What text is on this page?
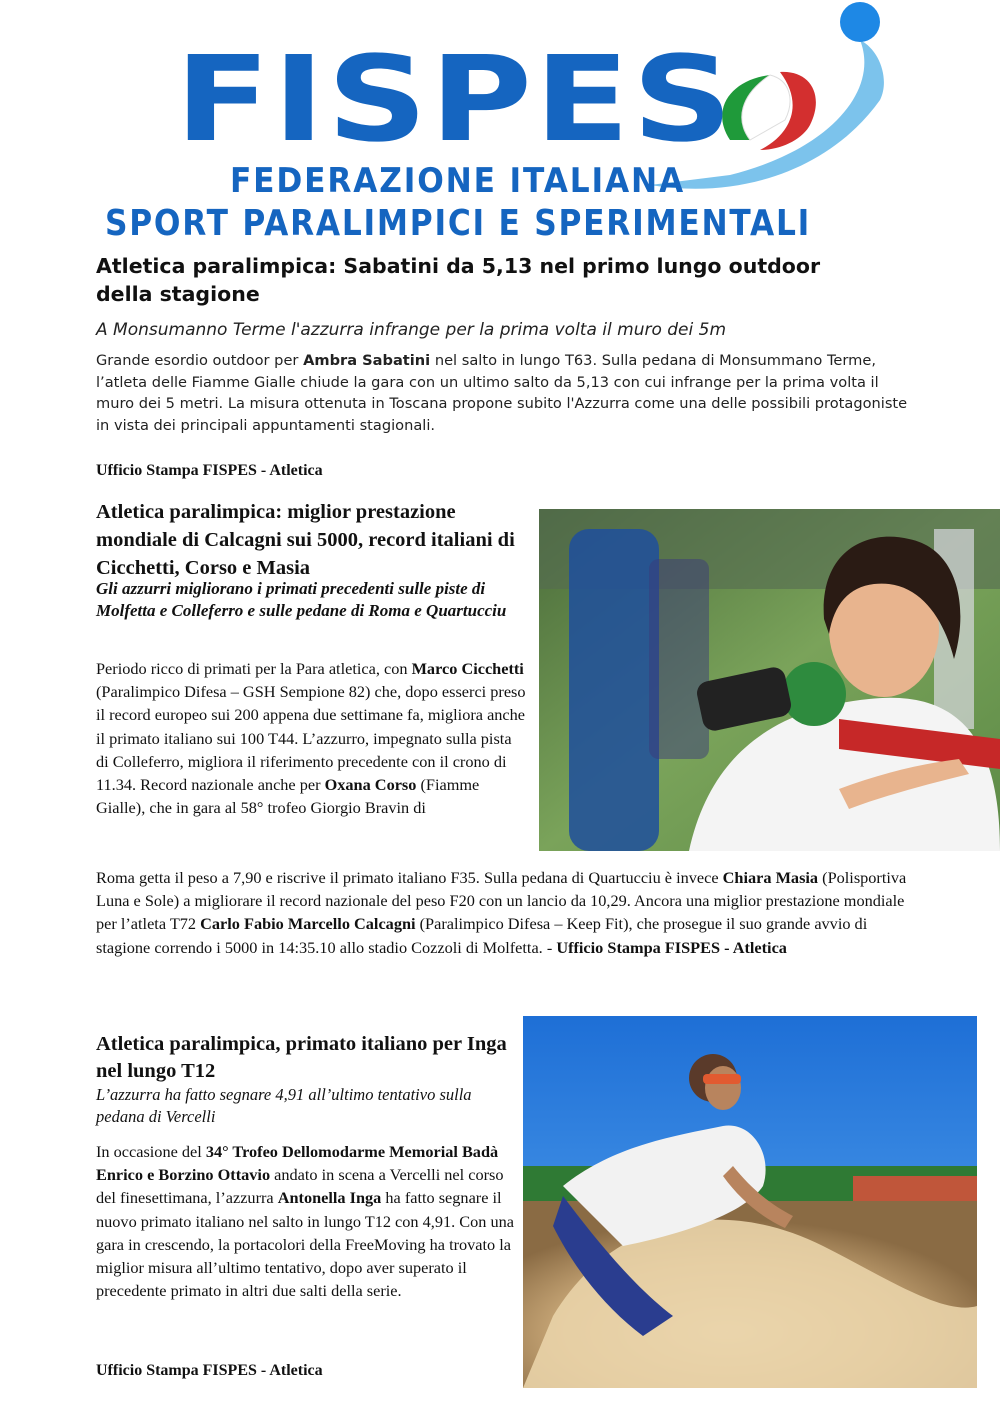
FISPES
FEDERAZIONE ITALIANA
SPORT PARALIMPICI E SPERIMENTALI
Atletica paralimpica: Sabatini da 5,13 nel primo lungo outdoor della stagione
A Monsumanno Terme l'azzurra infrange per la prima volta il muro dei 5m

Grande esordio outdoor per Ambra Sabatini nel salto in lungo T63. Sulla pedana di Monsummano Terme, l’atleta delle Fiamme Gialle chiude la gara con un ultimo salto da 5,13 con cui infrange per la prima volta il muro dei 5 metri. La misura ottenuta in Toscana propone subito l'Azzurra come una delle possibili protagoniste in vista dei principali appuntamenti stagionali.

Ufficio Stampa FISPES - Atletica
Atletica paralimpica: miglior prestazione mondiale di Calcagni sui 5000, record italiani di Cicchetti, Corso e Masia
Gli azzurri migliorano i primati precedenti sulle piste di Molfetta e Colleferro e sulle pedane di Roma e Quartucciu

Periodo ricco di primati per la Para atletica, con Marco Cicchetti (Paralimpico Difesa – GSH Sempione 82) che, dopo esserci preso il record europeo sui 200 appena due settimane fa, migliora anche il primato italiano sui 100 T44. L’azzurro, impegnato sulla pista di Colleferro, migliora il riferimento precedente con il crono di 11.34. Record nazionale anche per Oxana Corso (Fiamme Gialle), che in gara al 58° trofeo Giorgio Bravin di

Roma getta il peso a 7,90 e riscrive il primato italiano F35. Sulla pedana di Quartucciu è invece Chiara Masia (Polisportiva Luna e Sole) a migliorare il record nazionale del peso F20 con un lancio da 10,29. Ancora una miglior prestazione mondiale per l’atleta T72 Carlo Fabio Marcello Calcagni (Paralimpico Difesa – Keep Fit), che prosegue il suo grande avvio di stagione correndo i 5000 in 14:35.10 allo stadio Cozzoli di Molfetta. - Ufficio Stampa FISPES - Atletica

Atletica paralimpica, primato italiano per Inga nel lungo T12
L’azzurra ha fatto segnare 4,91 all’ultimo tentativo sulla pedana di Vercelli

In occasione del 34° Trofeo Dellomodarme Memorial Badà Enrico e Borzino Ottavio andato in scena a Vercelli nel corso del finesettimana, l’azzurra Antonella Inga ha fatto segnare il nuovo primato italiano nel salto in lungo T12 con 4,91. Con una gara in crescendo, la portacolori della FreeMoving ha trovato la miglior misura all’ultimo tentativo, dopo aver superato il precedente primato in altri due salti della serie.

Ufficio Stampa FISPES - Atletica
